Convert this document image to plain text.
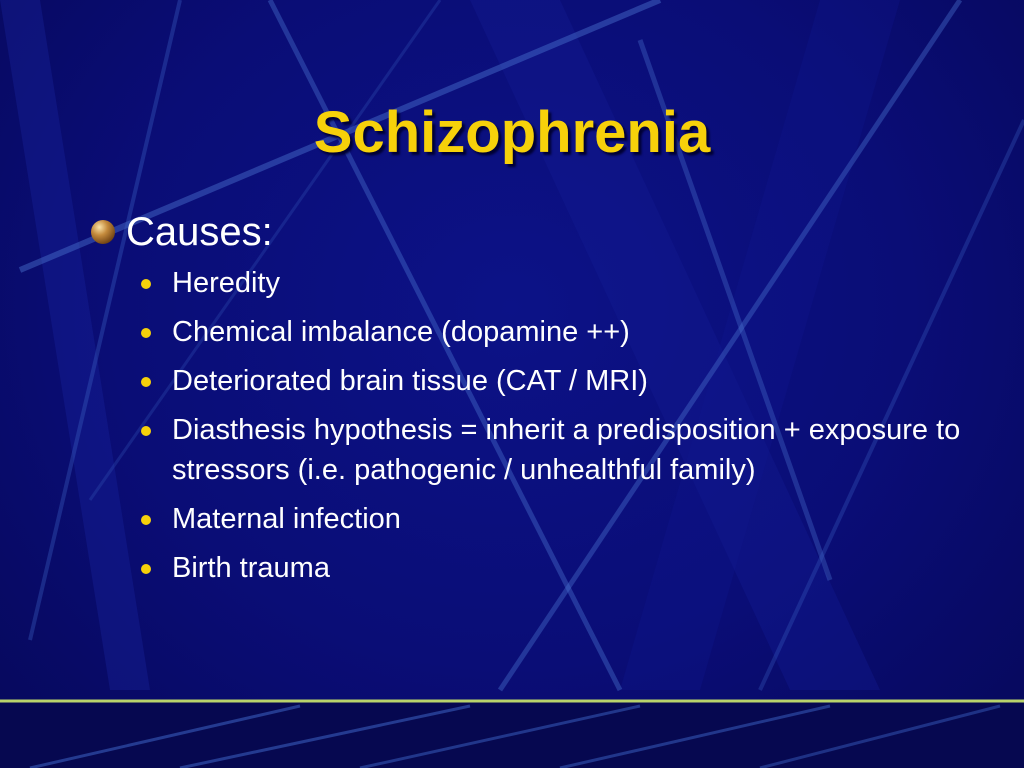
Schizophrenia

Causes:

Heredity
Chemical imbalance (dopamine ++)
Deteriorated brain tissue (CAT / MRI)
Diasthesis hypothesis = inherit a predisposition + exposure to stressors (i.e. pathogenic / unhealthful family)
Maternal infection
Birth trauma
